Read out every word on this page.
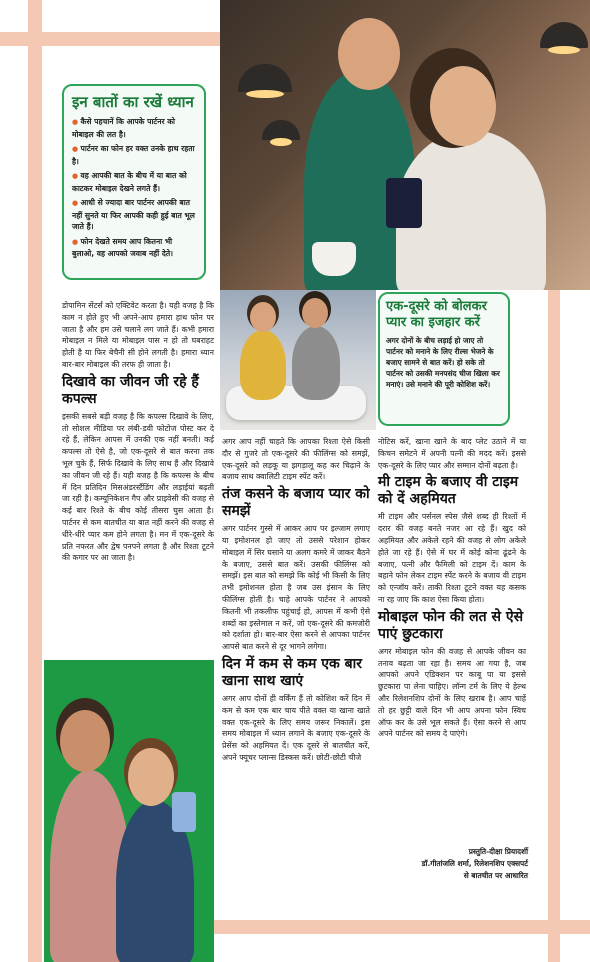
इन बातों का रखें ध्यान
● कैसे पहचानें कि आपके पार्टनर को मोबाइल की लत है।
● पार्टनर का फोन हर वक्त उनके हाथ रहता है।
● वह आपकी बात के बीच में या बात को काटकर मोबाइल देखने लगते हैं।
● आधी से ज्यादा बार पार्टनर आपकी बात नहीं सुनते या फिर आपकी कही हुई बात भूल जाते हैं।
● फोन देखते समय आप कितना भी बुलाओ, वह आपको जवाब नहीं देते।
एक-दूसरे को बोलकर प्यार का इजहार करें

अगर दोनों के बीच लड़ाई हो जाए तो पार्टनर को मनाने के लिए रील्स भेजने के बजाए सामने से बात करें। हो सके तो पार्टनर को उसकी मनपसंद चीज खिला कर मनाएं। उसे मनाने की पूरी कोशिश करें।

डोपामिन सेंटर्स को एक्टिवेट करता है। यही वजह है कि काम न होते हुए भी अपने-आप हमारा हाथ फोन पर जाता है और हम उसे चलाने लग जाते हैं। कभी हमारा मोबाइल न मिले या मोबाइल पास न हो तो घबराहट होती है या फिर बेचैनी सी होने लगती है। हमारा ध्यान बार-बार मोबाइल की तरफ ही जाता है।

दिखावे का जीवन जी रहे हैं कपल्स

इसकी सबसे बड़ी वजह है कि कपल्स दिखावे के लिए, तो सोशल मीडिया पर लंबी-डवी फोटोज पोस्ट कर दे रहे हैं, लेकिन आपस में उनकी एक नहीं बनती। कई कपल्स तो ऐसे है, जो एक-दूसरे से बात करना तक भूल चुके हैं, सिर्फ दिखावे के लिए साथ हैं और दिखावे का जीवन जी रहे हैं। यही वजह है कि कपल्स के बीच में दिन प्रतिदिन मिसअंडरस्टैंडिंग और लड़ाईयां बढ़ती जा रही है। कम्यूनिकेशन गैप और प्राइवेसी की वजह से कई बार रिश्ते के बीच कोई तीसरा घुस आता है। पार्टनर से कम बातचीत या बात नहीं करने की वजह से धीरे-धीरे प्यार कम होने लगता है। मन में एक-दूसरे के प्रति नफरत और द्वेष पनपने लगता है और रिश्ता टूटने की कगार पर आ जाता है।

अगर आप नहीं चाहते कि आपका रिश्ता ऐसे किसी दौर से गुजरे तो एक-दूसरे की फीलिंग्स को समझें, एक-दूसरे को लड़कू या झगड़ालू कह कर चिढ़ाने के बजाय साथ क्वालिटी टाइम स्पेंट करें।

तंज कसने के बजाय प्यार को समझें

अगर पार्टनर गुस्से में आकर आप पर इल्जाम लगाए या इमोशनल हो जाए तो उससे परेशान होकर मोबाइल में सिर घसाने या अलग कमरे में जाकर बैठने के बजाए, उससे बात करें। उसकी फीलिंग्स को समझें। इस बात को समझे कि कोई भी किसी के लिए तभी इमोशनल होता है जब उस इंसान के लिए फीलिंग्स होती है। चाहे आपके पार्टनर ने आपको कितनी भी तकलीफ पहुंचाई हो, आपस में कभी ऐसे शब्दों का इस्तेमाल न करें, जो एक-दूसरे की कमजोरी को दर्शाता हो। बार-बार ऐसा करने से आपका पार्टनर आपसे बात करने से दूर भागने लगेगा।

दिन में कम से कम एक बार खाना साथ खाएं

अगर आप दोनों ही वर्किंग हैं तो कोशिश करें दिन में कम से कम एक बार चाय पीते वक्त या खाना खाते वक्त एक-दूसरे के लिए समय जरूर निकालें। इस समय मोबाइल में ध्यान लगाने के बजाए एक-दूसरे के प्रेसेंस को अहमियत दें। एक दूसरे से बातचीत करें, अपने फ्यूचर प्लान्स डिस्कस करें। छोटी-छोटी चीजे

नोटिस करें, खाना खाने के बाद प्लेट उठाने में या किचन समेटने में अपनी पत्नी की मदद करें। इससे एक-दूसरे के लिए प्यार और सम्मान दोनों बढ़ता है।

मी टाइम के बजाए वी टाइम को दें अहमियत

मी टाइम और पर्सनल स्पेस जैसे शब्द ही रिश्तों में दरार की वजह बनते नजर आ रहे हैं। खुद को अहमियत और अकेले रहने की वजह से लोग अकेले होते जा रहे हैं। ऐसे में घर में कोई कोना ढूंढने के बजाए, पत्नी और फैमिली को टाइम दें। काम के बहाने फोन लेकर टाइम स्पेंट करने के बजाय वी टाइम को एन्जॉय करें। ताकी रिश्ता टूटने वक्त यह कसक ना रह जाए कि काश ऐसा किया होता।

मोबाइल फोन की लत से ऐसे पाएं छुटकारा

अगर मोबाइल फोन की वजह से आपके जीवन का तनाव बढ़ता जा रहा है। समय आ गया है, जब आपको अपने एडिक्शन पर काबू पा या इससे छुटकारा पा लेना चाहिए। लॉन्ग टर्म के लिए ये हेल्थ और रिलेशनशिप दोनों के लिए खराब है। आप चाहें तो हर छुट्टी वाले दिन भी आप अपना फोन स्विच ऑफ कर के उसे भूल सकते हैं। ऐसा करने से आप अपने पार्टनर को समय दे पाएंगे।

प्रस्तुति-दीक्षा प्रियादर्शी
डॉ.गीतांजलि शर्मा, रिलेशनशिप एक्सपर्ट
से बातचीत पर आधारित
